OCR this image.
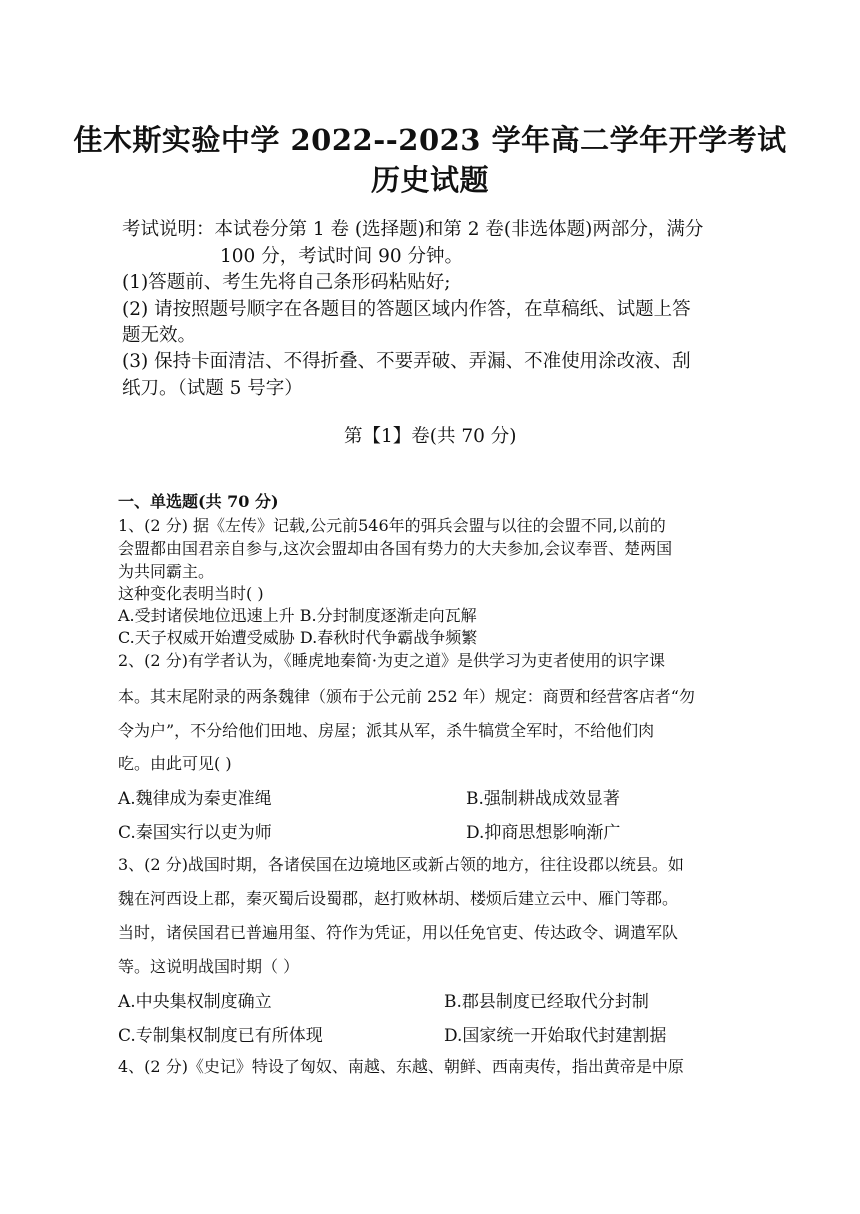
佳木斯实验中学 2022--2023 学年高二学年开学考试
历史试题
考试说明：本试卷分第 1 卷 (选择题)和第 2 卷(非选体题)两部分，满分
100 分，考试时间 90 分钟。
(1)答题前、考生先将自己条形码粘贴好;
(2) 请按照题号顺字在各题目的答题区域内作答，在草稿纸、试题上答
题无效。
(3) 保持卡面清洁、不得折叠、不要弄破、弄漏、不准使用涂改液、刮
纸刀。（试题 5 号字）
第【1】卷(共 70 分)
一、单选题(共 70 分)
1、(2 分) 据《左传》记载,公元前546年的弭兵会盟与以往的会盟不同,以前的
会盟都由国君亲自参与,这次会盟却由各国有势力的大夫参加,会议奉晋、楚两国
为共同霸主。
这种变化表明当时( )
A.受封诸侯地位迅速上升 B.分封制度逐渐走向瓦解
C.天子权威开始遭受威胁 D.春秋时代争霸战争频繁
2、(2 分)有学者认为，《睡虎地秦简·为吏之道》是供学习为吏者使用的识字课
本。其末尾附录的两条魏律（颁布于公元前 252 年）规定：商贾和经营客店者“勿
令为户”，不分给他们田地、房屋；派其从军，杀牛犒赏全军时，不给他们肉
吃。由此可见( )
A.魏律成为秦吏准绳	B.强制耕战成效显著
C.秦国实行以吏为师	D.抑商思想影响渐广
3、(2 分)战国时期，各诸侯国在边境地区或新占领的地方，往往设郡以统县。如
魏在河西设上郡，秦灭蜀后设蜀郡，赵打败林胡、楼烦后建立云中、雁门等郡。
当时，诸侯国君已普遍用玺、符作为凭证，用以任免官吏、传达政令、调遣军队
等。这说明战国时期（ ）
A.中央集权制度确立	B.郡县制度已经取代分封制
C.专制集权制度已有所体现	D.国家统一开始取代封建割据
4、(2 分)《史记》特设了匈奴、南越、东越、朝鲜、西南夷传，指出黄帝是中原
